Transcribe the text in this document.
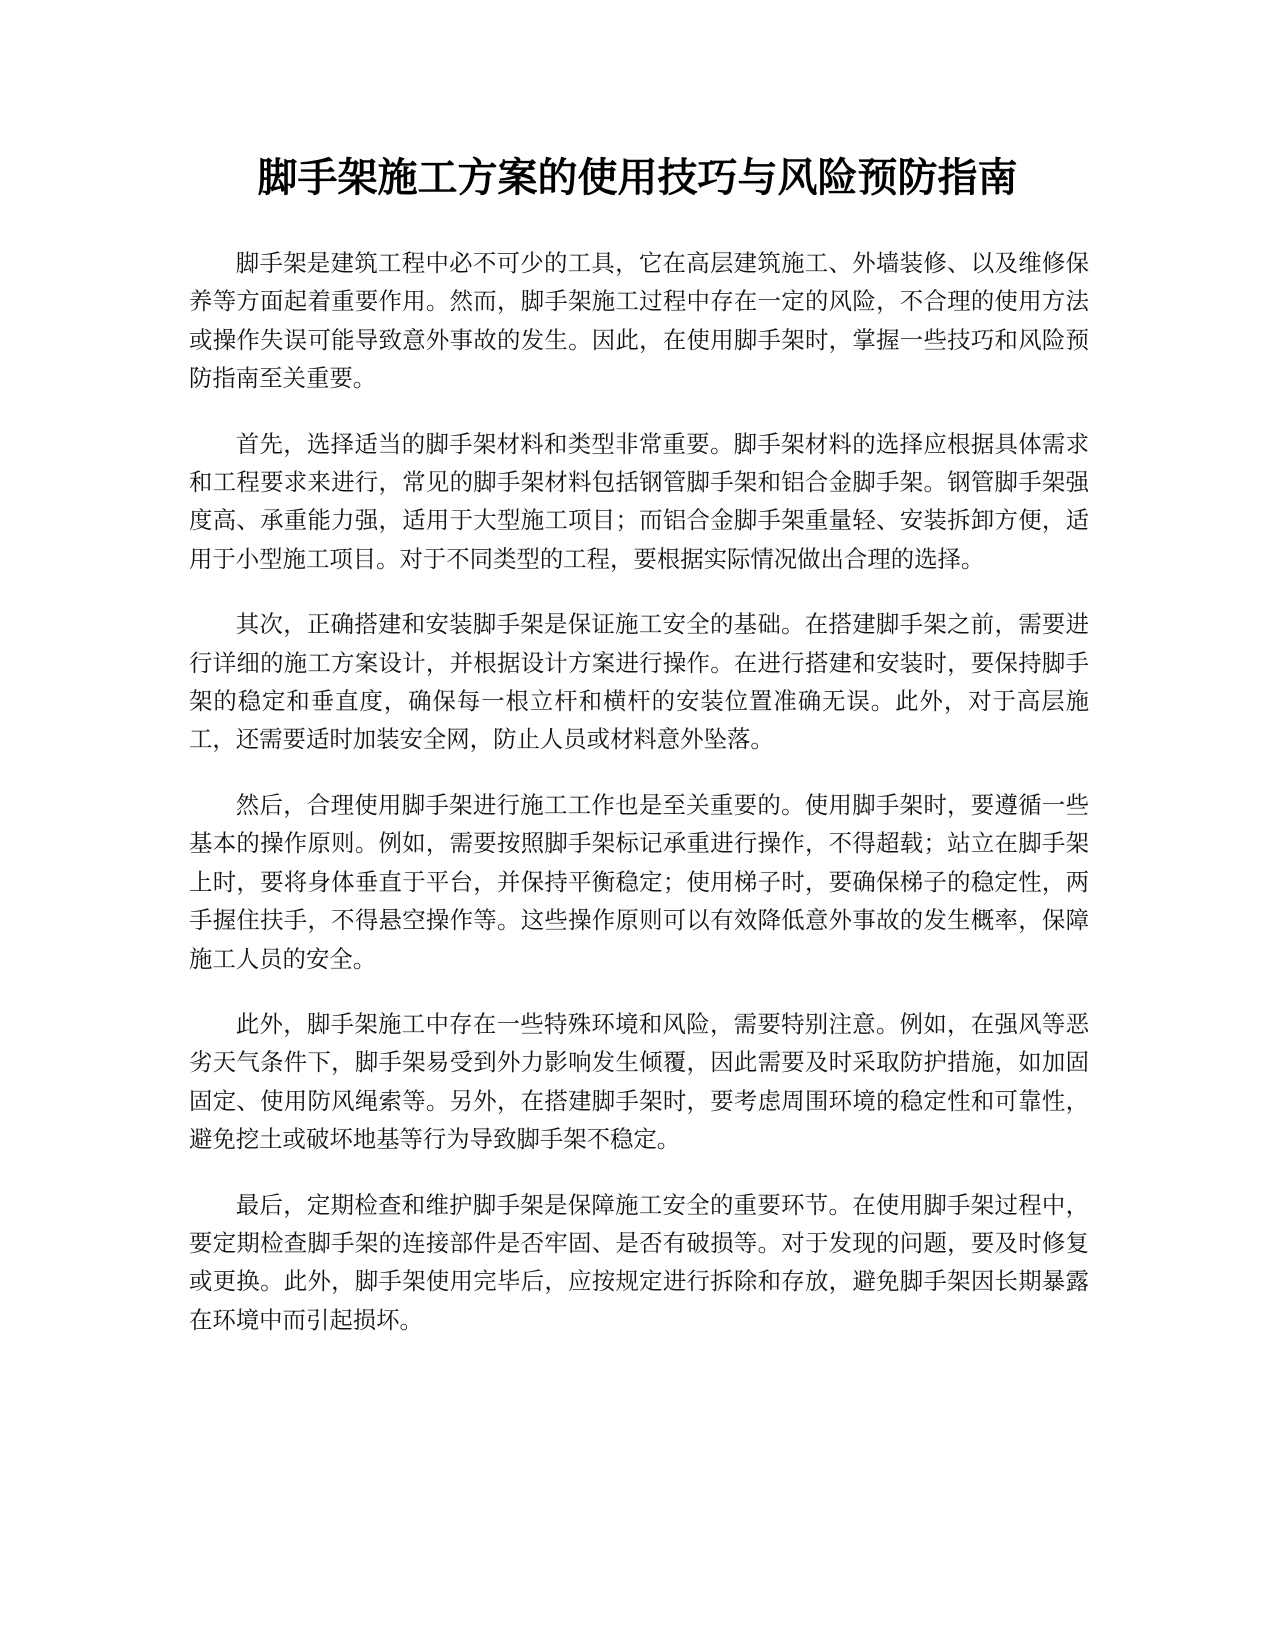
脚手架施工方案的使用技巧与风险预防指南

脚手架是建筑工程中必不可少的工具，它在高层建筑施工、外墙装修、以及维修保养等方面起着重要作用。然而，脚手架施工过程中存在一定的风险，不合理的使用方法或操作失误可能导致意外事故的发生。因此，在使用脚手架时，掌握一些技巧和风险预防指南至关重要。

首先，选择适当的脚手架材料和类型非常重要。脚手架材料的选择应根据具体需求和工程要求来进行，常见的脚手架材料包括钢管脚手架和铝合金脚手架。钢管脚手架强度高、承重能力强，适用于大型施工项目；而铝合金脚手架重量轻、安装拆卸方便，适用于小型施工项目。对于不同类型的工程，要根据实际情况做出合理的选择。

其次，正确搭建和安装脚手架是保证施工安全的基础。在搭建脚手架之前，需要进行详细的施工方案设计，并根据设计方案进行操作。在进行搭建和安装时，要保持脚手架的稳定和垂直度，确保每一根立杆和横杆的安装位置准确无误。此外，对于高层施工，还需要适时加装安全网，防止人员或材料意外坠落。

然后，合理使用脚手架进行施工工作也是至关重要的。使用脚手架时，要遵循一些基本的操作原则。例如，需要按照脚手架标记承重进行操作，不得超载；站立在脚手架上时，要将身体垂直于平台，并保持平衡稳定；使用梯子时，要确保梯子的稳定性，两手握住扶手，不得悬空操作等。这些操作原则可以有效降低意外事故的发生概率，保障施工人员的安全。

此外，脚手架施工中存在一些特殊环境和风险，需要特别注意。例如，在强风等恶劣天气条件下，脚手架易受到外力影响发生倾覆，因此需要及时采取防护措施，如加固固定、使用防风绳索等。另外，在搭建脚手架时，要考虑周围环境的稳定性和可靠性，避免挖土或破坏地基等行为导致脚手架不稳定。

最后，定期检查和维护脚手架是保障施工安全的重要环节。在使用脚手架过程中，要定期检查脚手架的连接部件是否牢固、是否有破损等。对于发现的问题，要及时修复或更换。此外，脚手架使用完毕后，应按规定进行拆除和存放，避免脚手架因长期暴露在环境中而引起损坏。
